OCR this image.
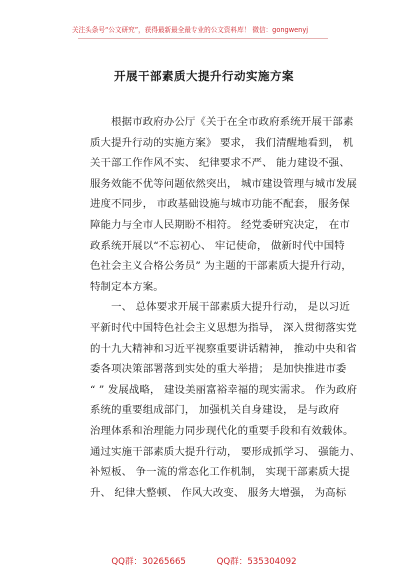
关注头条号“公文研究”，获得最新最全最专业的公文资料库！ 微信：gongwenyj
开展干部素质大提升行动实施方案
　　根据市政府办公厅《关于在全市政府系统开展干部素
质大提升行动的实施方案》 要求， 我们清醒地看到， 机
关干部工作作风不实、 纪律要求不严、 能力建设不强、
服务效能不优等问题依然突出， 城市建设管理与城市发展
进度不同步， 市政基础设施与城市功能不配套， 服务保
障能力与全市人民期盼不相符。 经党委研究决定， 在市
政系统开展以“不忘初心、 牢记使命， 做新时代中国特
色社会主义合格公务员” 为主题的干部素质大提升行动，
特制定本方案。
　　一、 总体要求开展干部素质大提升行动， 是以习近
平新时代中国特色社会主义思想为指导， 深入贯彻落实党
的十九大精神和习近平视察重要讲话精神， 推动中央和省
委各项决策部署落到实处的重大举措； 是加快推进市委
“ ” 发展战略， 建设美丽富裕幸福的现实需求。 作为政府
系统的重要组成部门， 加强机关自身建设， 是与政府
治理体系和治理能力同步现代化的重要手段和有效载体。
通过实施干部素质大提升行动， 要形成抓学习、 强能力、
补短板、 争一流的常态化工作机制， 实现干部素质大提
升、 纪律大整顿、 作风大改变、 服务大增强， 为高标
QQ群：30265665	QQ群：535304092
